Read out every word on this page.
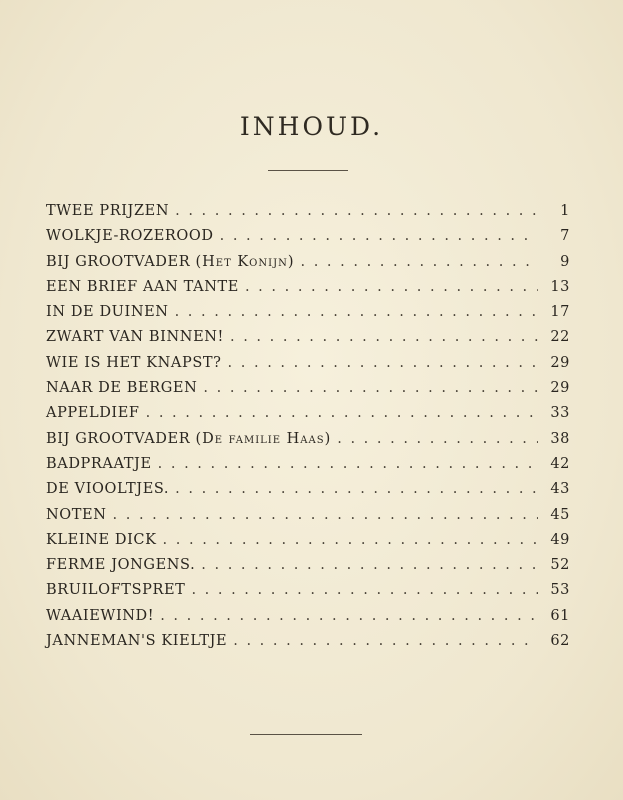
INHOUD.
TWEE PRIJZEN . . .	1
WOLKJE-ROZEROOD . . .	7
BIJ GROOTVADER (Het Konijn) . . .	9
EEN BRIEF AAN TANTE . . .	13
IN DE DUINEN . . .	17
ZWART VAN BINNEN! . . .	22
WIE IS HET KNAPST? . . .	29
NAAR DE BERGEN . . .	29
APPELDIEF . . .	33
BIJ GROOTVADER (De familie Haas) . . .	38
BADPRAATJE . . .	42
DE VIOOLTJES. . . .	43
NOTEN . . .	45
KLEINE DICK . . .	49
FERME JONGENS. . . .	52
BRUILOFTSPRET . . .	53
WAAIEWIND! . . .	61
JANNEMAN'S KIELTJE . . .	62
